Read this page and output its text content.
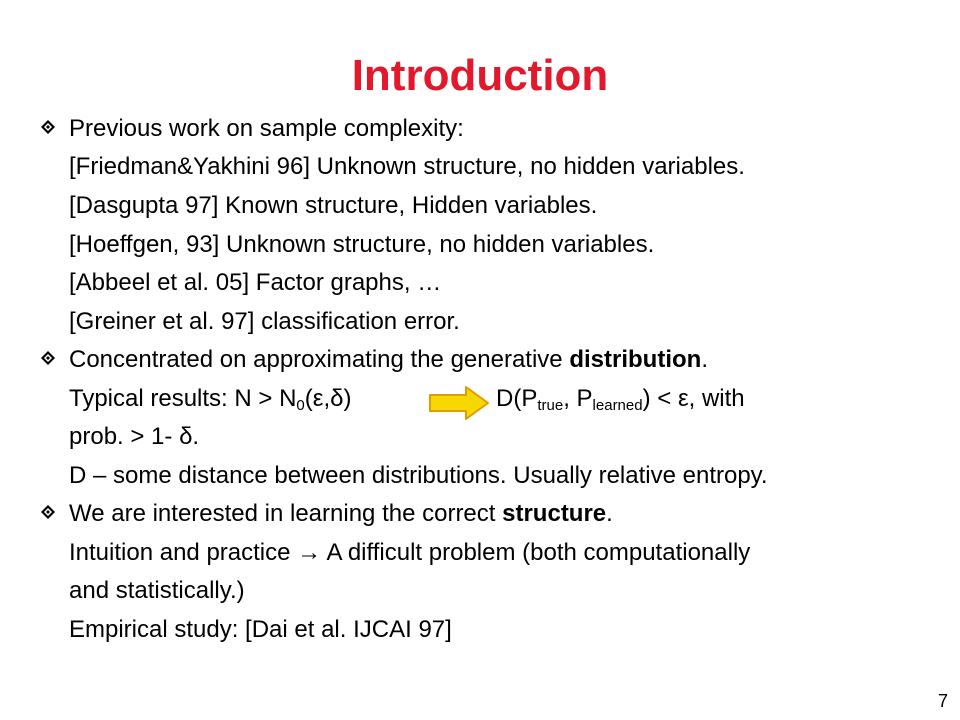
Introduction
Previous work on sample complexity:
[Friedman&Yakhini 96] Unknown structure, no hidden variables.
[Dasgupta 97] Known structure, Hidden variables.
[Hoeffgen, 93] Unknown structure, no hidden variables.
[Abbeel et al. 05] Factor graphs, …
[Greiner et al. 97] classification error.
Concentrated on approximating the generative distribution.
Typical results: $N > N_0(\varepsilon,\delta)$	$D(P_{true}$, $P_{learned}) < \varepsilon$, with
prob. > 1- δ.
D – some distance between distributions. Usually relative entropy.
We are interested in learning the correct structure.
Intuition and practice → A difficult problem (both computationally
and statistically.)
Empirical study: [Dai et al. IJCAI 97]
7
